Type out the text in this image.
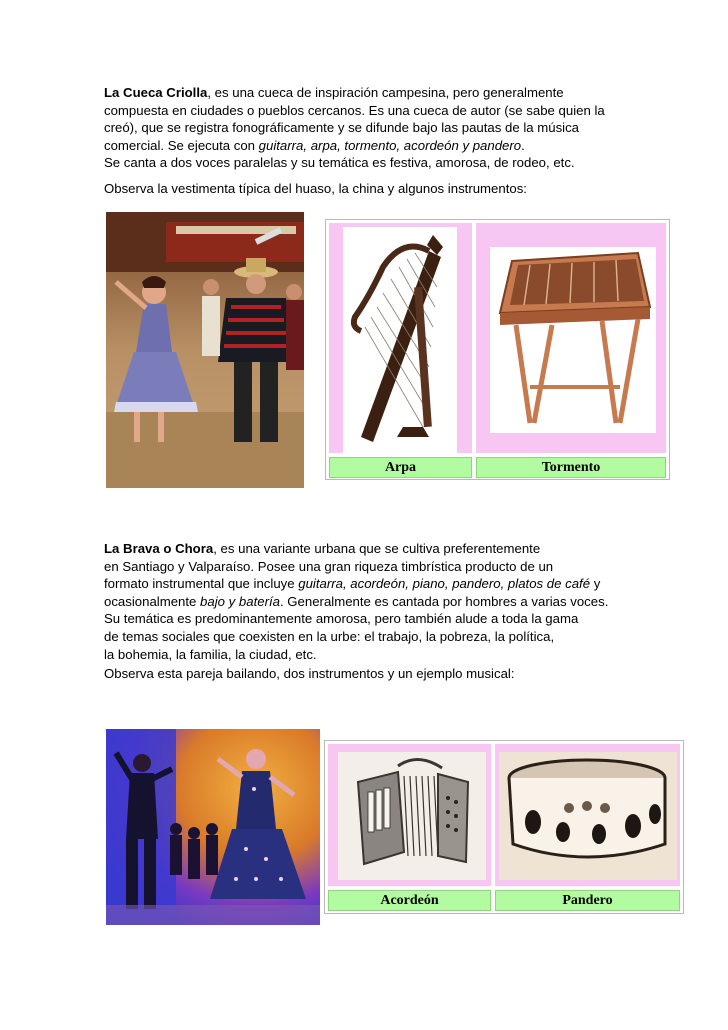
La Cueca Criolla, es una cueca de inspiración campesina, pero generalmente
compuesta en ciudades o pueblos cercanos. Es una cueca de autor (se sabe quien la
creó), que se registra fonográficamente y se difunde bajo las pautas de la música
comercial. Se ejecuta con guitarra, arpa, tormento, acordeón y pandero.
Se canta a dos voces paralelas y su temática es festiva, amorosa, de rodeo, etc.
Observa la vestimenta típica del huaso, la china y algunos instrumentos:
Arpa	Tormento
La Brava o Chora, es una variante urbana que se cultiva preferentemente
en Santiago y Valparaíso. Posee una gran riqueza timbrística producto de un
formato instrumental que incluye guitarra, acordeón, piano, pandero, platos de café y
ocasionalmente bajo y batería. Generalmente es cantada por hombres a varias voces.
Su temática es predominantemente amorosa, pero también alude a toda la gama
de temas sociales que coexisten en la urbe: el trabajo, la pobreza, la política,
la bohemia, la familia, la ciudad, etc.
Observa esta pareja bailando, dos instrumentos y un ejemplo musical:
Acordeón	Pandero
